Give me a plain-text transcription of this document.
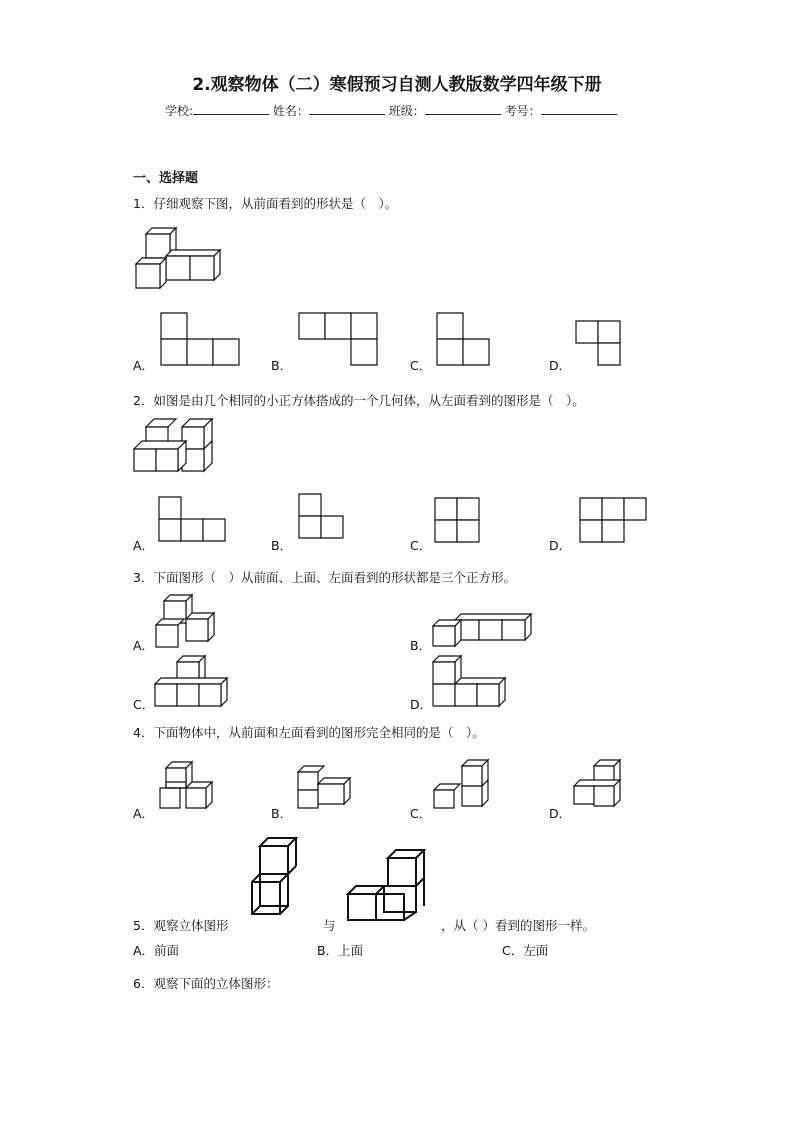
2.观察物体（二）寒假预习自测人教版数学四年级下册
学校:	姓名：	班级：	考号：
一、选择题
1．仔细观察下图，从前面看到的形状是（　）。
A．	B．	C．	D．
2．如图是由几个相同的小正方体搭成的一个几何体，从左面看到的图形是（　）。
A．	B．	C．	D．
3．下面图形（　）从前面、上面、左面看到的形状都是三个正方形。
A．	B．
C．	D．
4．下面物体中，从前面和左面看到的图形完全相同的是（　）。
A．	B．	C．	D．
5．观察立体图形	与	，从（ ）看到的图形一样。
A．前面	B．上面	C．左面
6．观察下面的立体图形：
